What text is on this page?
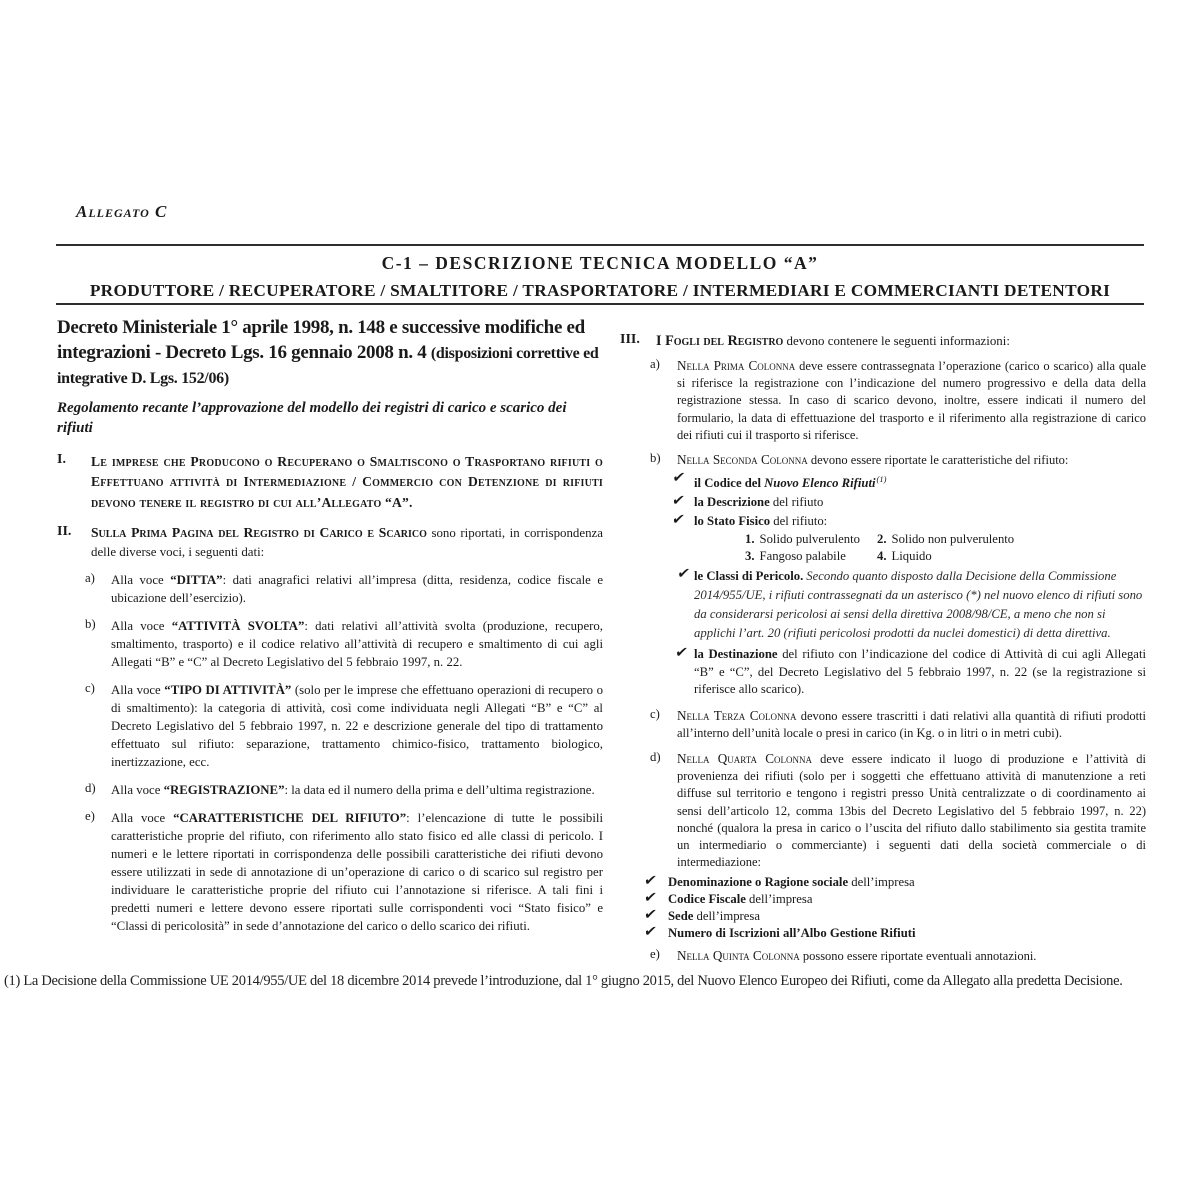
Allegato C
C-1 – DESCRIZIONE TECNICA MODELLO “A”
PRODUTTORE / RECUPERATORE / SMALTITORE / TRASPORTATORE / INTERMEDIARI E COMMERCIANTI DETENTORI
Decreto Ministeriale 1° aprile 1998, n. 148 e successive modifiche ed integrazioni - Decreto Lgs. 16 gennaio 2008 n. 4 (disposizioni correttive ed integrative D. Lgs. 152/06)
Regolamento recante l’approvazione del modello dei registri di carico e scarico dei rifiuti
I.	Le imprese che Producono o Recuperano o Smaltiscono o Trasportano rifiuti o Effettuano attività di Intermediazione / Commercio con Detenzione di rifiuti devono tenere il registro di cui all’Allegato “A”.
II.	Sulla Prima Pagina del Registro di Carico e Scarico sono riportati, in corrispondenza delle diverse voci, i seguenti dati:
a)	Alla voce “DITTA”: dati anagrafici relativi all’impresa (ditta, residenza, codice fiscale e ubicazione dell’esercizio).
b)	Alla voce “ATTIVITÀ SVOLTA”: dati relativi all’attività svolta (produzione, recupero, smaltimento, trasporto) e il codice relativo all’attività di recupero e smaltimento di cui agli Allegati “B” e “C” al Decreto Legislativo del 5 febbraio 1997, n. 22.
c)	Alla voce “TIPO DI ATTIVITÀ” (solo per le imprese che effettuano operazioni di recupero o di smaltimento): la categoria di attività, così come individuata negli Allegati “B” e “C” al Decreto Legislativo del 5 febbraio 1997, n. 22 e descrizione generale del tipo di trattamento effettuato sul rifiuto: separazione, trattamento chimico-fisico, trattamento biologico, inertizzazione, ecc.
d)	Alla voce “REGISTRAZIONE”: la data ed il numero della prima e dell’ultima registrazione.
e)	Alla voce “CARATTERISTICHE DEL RIFIUTO”: l’elencazione di tutte le possibili caratteristiche proprie del rifiuto, con riferimento allo stato fisico ed alle classi di pericolo. I numeri e le lettere riportati in corrispondenza delle possibili caratteristiche dei rifiuti devono essere utilizzati in sede di annotazione di un’operazione di carico o di scarico sul registro per individuare le caratteristiche proprie del rifiuto cui l’annotazione si riferisce. A tali fini i predetti numeri e lettere devono essere riportati sulle corrispondenti voci “Stato fisico” e “Classi di pericolosità” in sede d’annotazione del carico o dello scarico dei rifiuti.
III.	I Fogli del Registro devono contenere le seguenti informazioni:
a)	Nella Prima Colonna deve essere contrassegnata l’operazione (carico o scarico) alla quale si riferisce la registrazione con l’indicazione del numero progressivo e della data della registrazione stessa. In caso di scarico devono, inoltre, essere indicati il numero del formulario, la data di effettuazione del trasporto e il riferimento alla registrazione di carico dei rifiuti cui il trasporto si riferisce.
b)	Nella Seconda Colonna devono essere riportate le caratteristiche del rifiuto:
✔ il Codice del Nuovo Elenco Rifiuti$^{(1)}$
✔ la Descrizione del rifiuto
✔ lo Stato Fisico del rifiuto:
1. Solido pulverulento	2. Solido non pulverulento
3. Fangoso palabile	4. Liquido
✔ le Classi di Pericolo. Secondo quanto disposto dalla Decisione della Commissione 2014/955/UE, i rifiuti contrassegnati da un asterisco (*) nel nuovo elenco di rifiuti sono da considerarsi pericolosi ai sensi della direttiva 2008/98/CE, a meno che non si applichi l’art. 20 (rifiuti pericolosi prodotti da nuclei domestici) di detta direttiva.
✔ la Destinazione del rifiuto con l’indicazione del codice di Attività di cui agli Allegati “B” e “C”, del Decreto Legislativo del 5 febbraio 1997, n. 22 (se la registrazione si riferisce allo scarico).
c)	Nella Terza Colonna devono essere trascritti i dati relativi alla quantità di rifiuti prodotti all’interno dell’unità locale o presi in carico (in Kg. o in litri o in metri cubi).
d)	Nella Quarta Colonna deve essere indicato il luogo di produzione e l’attività di provenienza dei rifiuti (solo per i soggetti che effettuano attività di manutenzione a reti diffuse sul territorio e tengono i registri presso Unità centralizzate o di coordinamento ai sensi dell’articolo 12, comma 13bis del Decreto Legislativo del 5 febbraio 1997, n. 22) nonché (qualora la presa in carico o l’uscita del rifiuto dallo stabilimento sia gestita tramite un intermediario o commerciante) i seguenti dati della società commerciale o di intermediazione:
✔ Denominazione o Ragione sociale dell’impresa
✔ Codice Fiscale dell’impresa
✔ Sede dell’impresa
✔ Numero di Iscrizioni all’Albo Gestione Rifiuti
e)	Nella Quinta Colonna possono essere riportate eventuali annotazioni.
(1) La Decisione della Commissione UE 2014/955/UE del 18 dicembre 2014 prevede l’introduzione, dal 1° giugno 2015, del Nuovo Elenco Europeo dei Rifiuti, come da Allegato alla predetta Decisione.
